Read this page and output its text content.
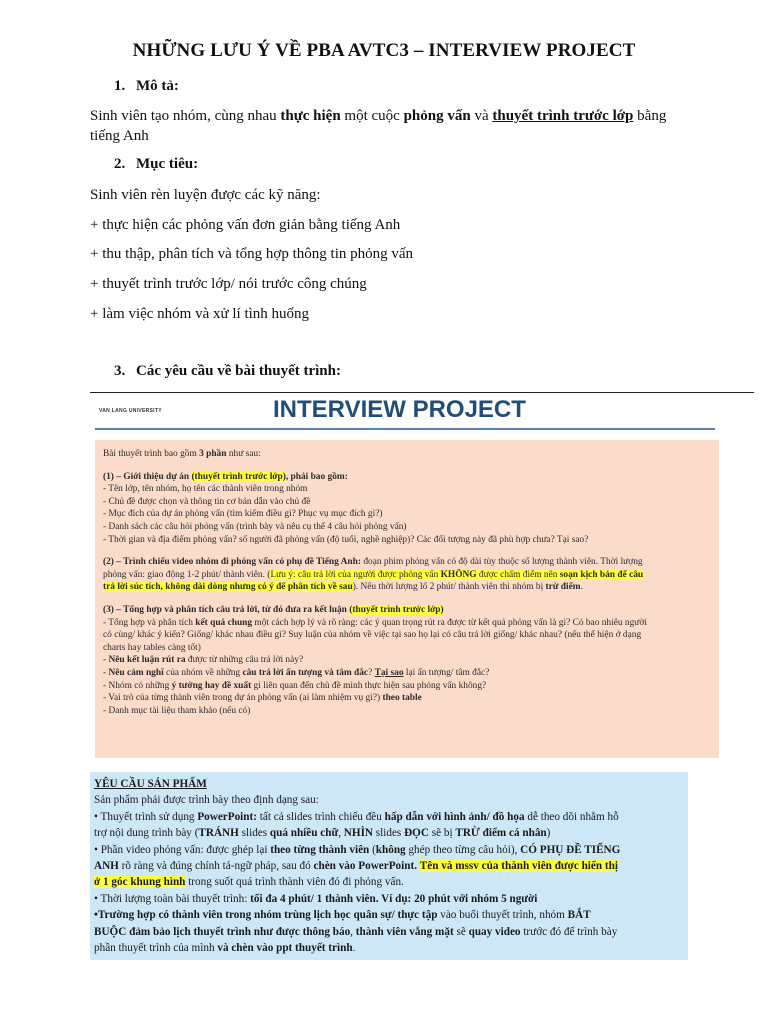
NHỮNG LƯU Ý VỀ PBA AVTC3 – INTERVIEW PROJECT
1. Mô tả:
Sinh viên tạo nhóm, cùng nhau thực hiện một cuộc phỏng vấn và thuyết trình trước lớp bằng
tiếng Anh
2. Mục tiêu:
Sinh viên rèn luyện được các kỹ năng:
+ thực hiện các phỏng vấn đơn giản bằng tiếng Anh
+ thu thập, phân tích và tổng hợp thông tin phỏng vấn
+ thuyết trình trước lớp/ nói trước công chúng
+ làm việc nhóm và xử lí tình huống
3. Các yêu cầu về bài thuyết trình:
VAN LANG UNIVERSITY	INTERVIEW PROJECT
Bài thuyết trình bao gồm 3 phần như sau:
(1) – Giới thiệu dự án (thuyết trình trước lớp), phải bao gồm:
- Tên lớp, tên nhóm, họ tên các thành viên trong nhóm
- Chủ đề được chọn và thông tin cơ bản dẫn vào chủ đề
- Mục đích của dự án phỏng vấn (tìm kiếm điều gì? Phục vụ mục đích gì?)
- Danh sách các câu hỏi phỏng vấn (trình bày và nêu cụ thể 4 câu hỏi phỏng vấn)
- Thời gian và địa điểm phỏng vấn? số người đã phỏng vấn (độ tuổi, nghề nghiệp)? Các đối tượng này đã phù hợp chưa? Tại sao?
(2) – Trình chiếu video nhóm đi phỏng vấn có phụ đề Tiếng Anh: đoạn phim phỏng vấn có độ dài tùy thuộc số lượng thành viên. Thời lượng
phỏng vấn: giao động 1-2 phút/ thành viên. (Lưu ý: câu trả lời của người được phỏng vấn KHÔNG được chấm điểm nên soạn kịch bản để câu
trả lời súc tích, không dài dòng nhưng có ý để phân tích về sau). Nếu thời lượng lố 2 phút/ thành viên thì nhóm bị trừ điểm.
(3) – Tổng hợp và phân tích câu trả lời, từ đó đưa ra kết luận (thuyết trình trước lớp)
- Tổng hợp và phân tích kết quả chung một cách hợp lý và rõ ràng: các ý quan trọng rút ra được từ kết quả phỏng vấn là gì? Có bao nhiêu người
có cùng/ khác ý kiến? Giống/ khác nhau điều gì? Suy luận của nhóm về việc tại sao họ lại có câu trả lời giống/ khác nhau? (nếu thể hiện ở dạng
charts hay tables càng tốt)
- Nêu kết luận rút ra được từ những câu trả lời này?
- Nêu cảm nghĩ của nhóm về những câu trả lời ấn tượng và tâm đắc? Tại sao lại ấn tượng/ tâm đắc?
- Nhóm có những ý tưởng hay đề xuất gì liên quan đến chủ đề mình thực hiện sau phỏng vấn không?
- Vai trò của từng thành viên trong dự án phỏng vấn (ai làm nhiệm vụ gì?) theo table
- Danh mục tài liệu tham khảo (nếu có)
YÊU CẦU SẢN PHẨM
Sản phẩm phải được trình bày theo định dạng sau:
• Thuyết trình sử dụng PowerPoint: tất cả slides trình chiếu đều hấp dẫn với hình ảnh/ đồ họa dễ theo dõi nhằm hỗ
trợ nội dung trình bày (TRÁNH slides quá nhiều chữ, NHÌN slides ĐỌC sẽ bị TRỪ điểm cá nhân)
• Phần video phỏng vấn: được ghép lại theo từng thành viên (không ghép theo từng câu hỏi), CÓ PHỤ ĐỀ TIẾNG
ANH rõ ràng và đúng chính tả-ngữ pháp, sau đó chèn vào PowerPoint. Tên và mssv của thành viên được hiển thị
ở 1 góc khung hình trong suốt quá trình thành viên đó đi phỏng vấn.
• Thời lượng toàn bài thuyết trình: tối đa 4 phút/ 1 thành viên. Ví dụ: 20 phút với nhóm 5 người
•Trường hợp có thành viên trong nhóm trùng lịch học quân sự/ thực tập vào buổi thuyết trình, nhóm BẮT
BUỘC đảm bảo lịch thuyết trình như được thông báo, thành viên vắng mặt sẽ quay video trước đó để trình bày
phần thuyết trình của mình và chèn vào ppt thuyết trình.
